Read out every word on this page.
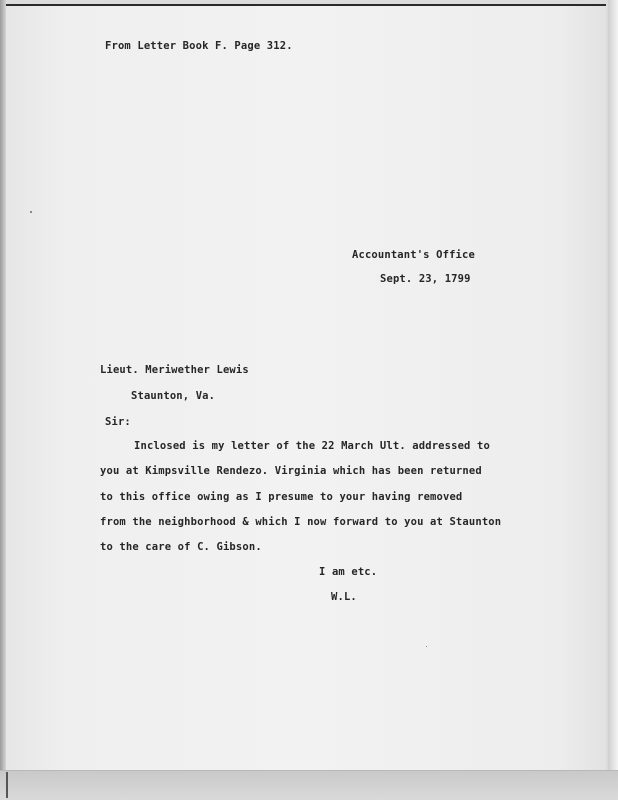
From Letter Book F. Page 312.

Accountant's Office

Sept. 23, 1799

Lieut. Meriwether Lewis

Staunton, Va.

Sir:

Inclosed is my letter of the 22 March Ult. addressed to

you at Kimpsville Rendezo. Virginia which has been returned

to this office owing as I presume to your having removed

from the neighborhood & which I now forward to you at Staunton

to the care of C. Gibson.

I am etc.

W.L.
